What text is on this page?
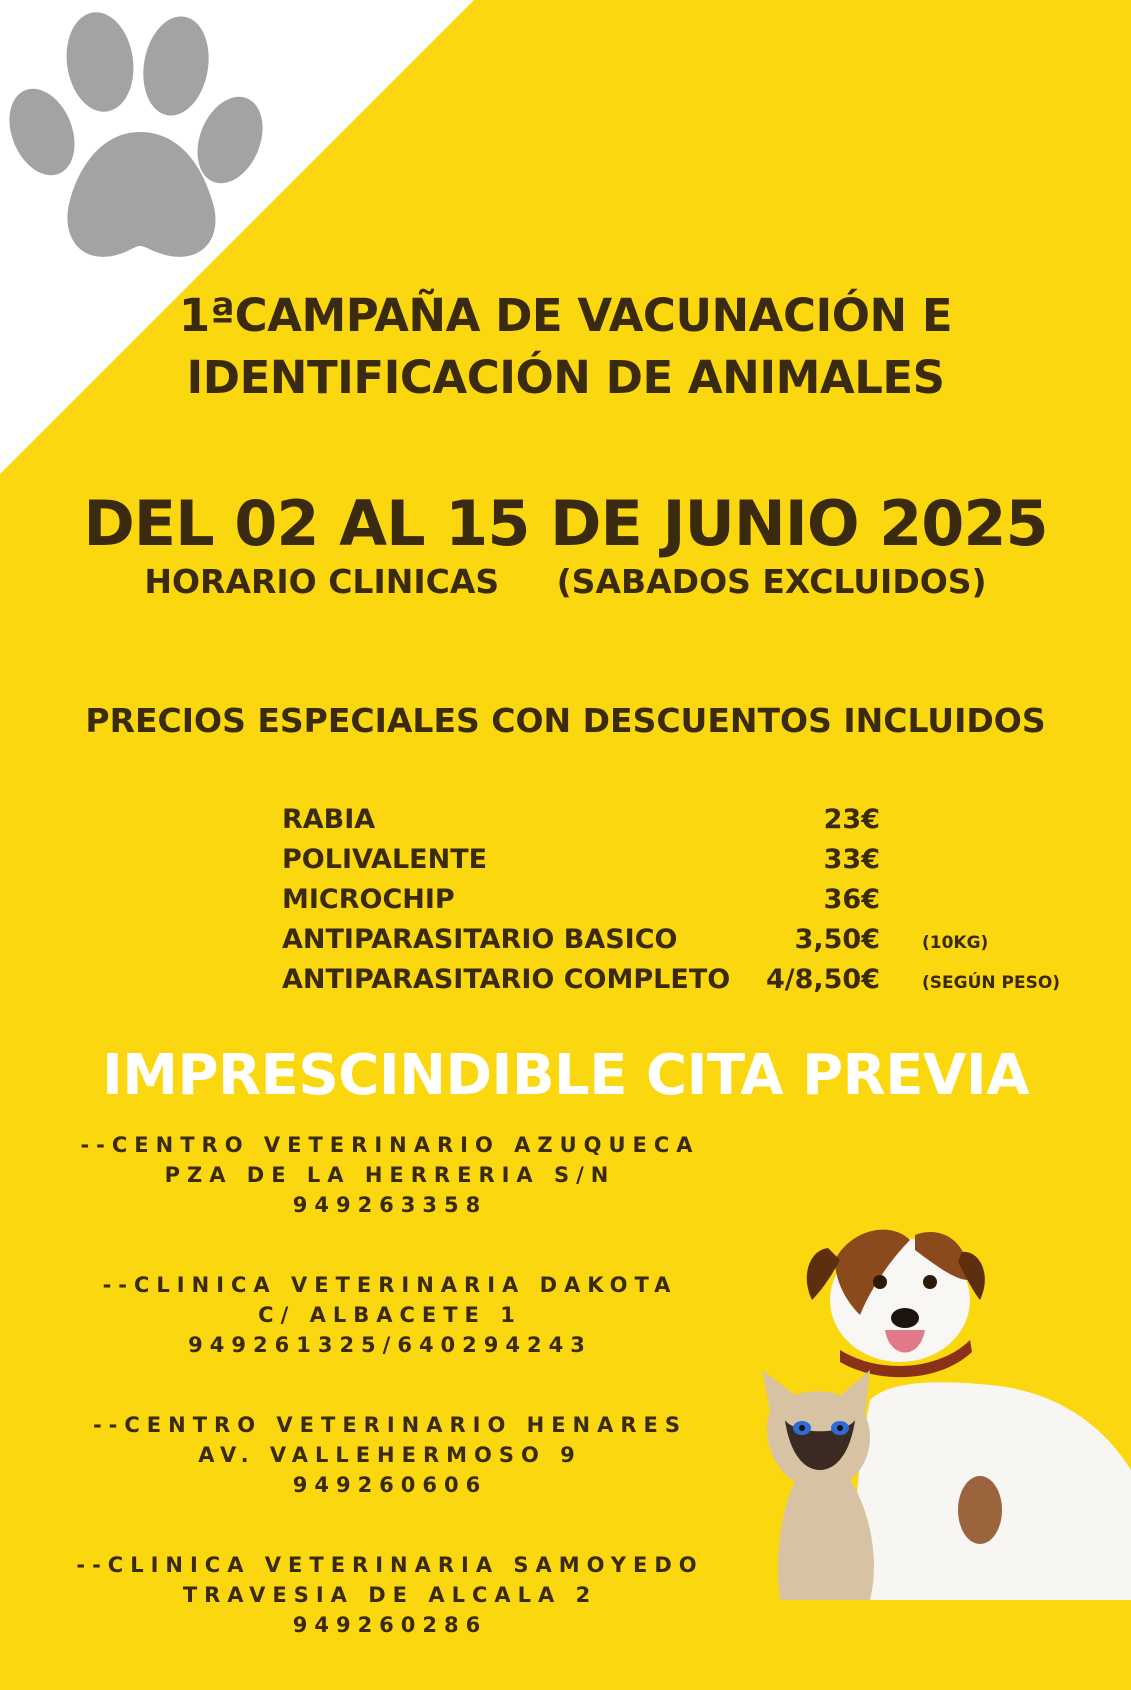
1ªCAMPAÑA DE VACUNACIÓN E
IDENTIFICACIÓN DE ANIMALES
DEL 02 AL 15 DE JUNIO 2025
HORARIO CLINICAS     (SABADOS EXCLUIDOS)
PRECIOS ESPECIALES CON DESCUENTOS INCLUIDOS
RABIA	23€
POLIVALENTE	33€
MICROCHIP	36€
ANTIPARASITARIO BASICO	3,50€ (10KG)
ANTIPARASITARIO COMPLETO 4/8,50€ (SEGÚN PESO)
IMPRESCINDIBLE CITA PREVIA
--CENTRO VETERINARIO AZUQUECA
PZA DE LA HERRERIA S/N
949263358
--CLINICA VETERINARIA DAKOTA
C/ ALBACETE 1
949261325/640294243
--CENTRO VETERINARIO HENARES
AV. VALLEHERMOSO 9
949260606
--CLINICA VETERINARIA SAMOYEDO
TRAVESIA DE ALCALA 2
949260286
